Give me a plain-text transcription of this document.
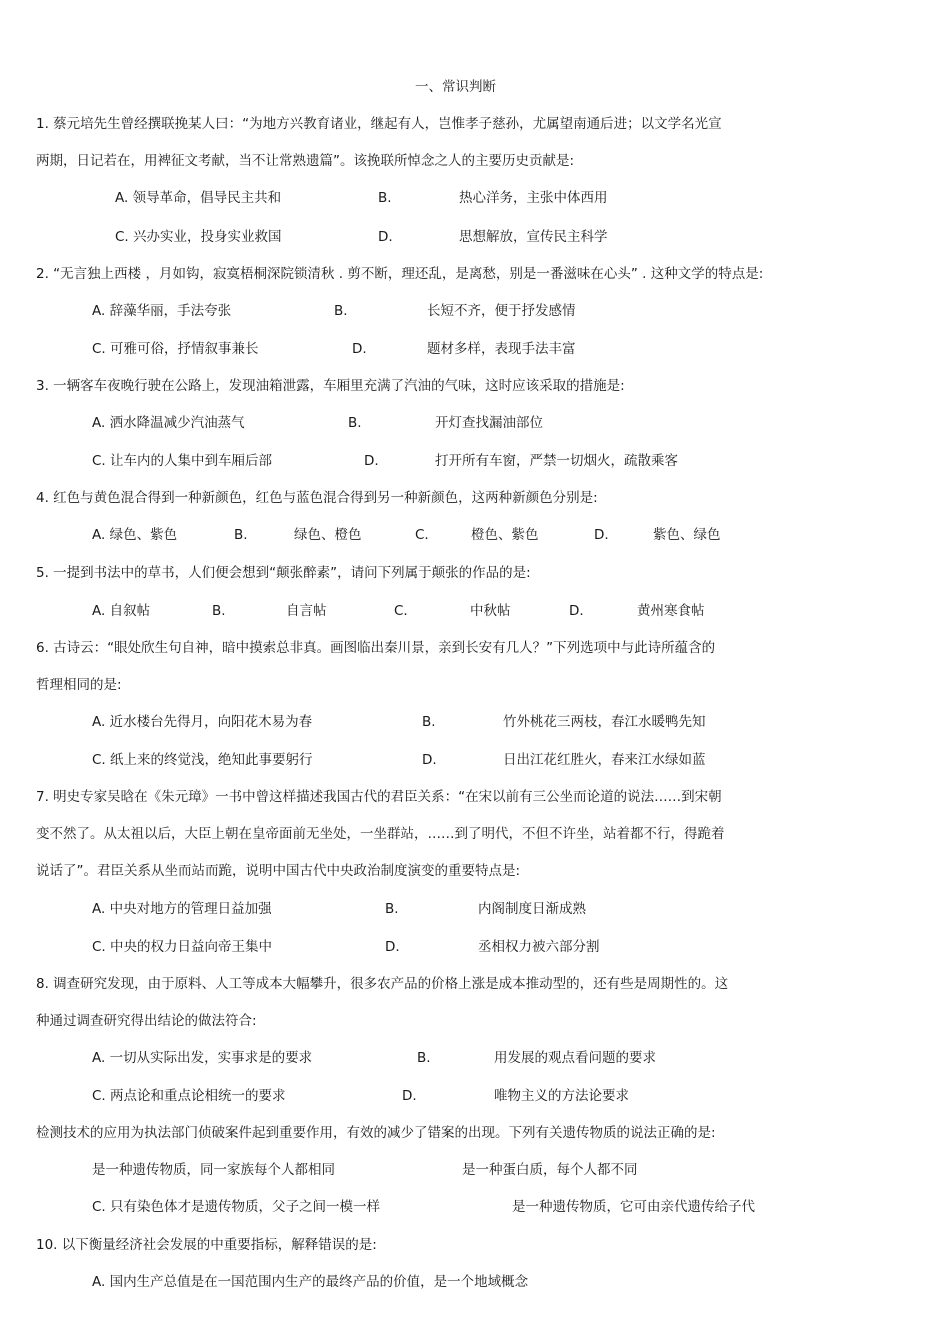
一、常识判断
1. 蔡元培先生曾经撰联挽某人曰：“为地方兴教育诸业，继起有人，岂惟孝子慈孙，尤属望南通后进；以文学名光宣
两期，日记若在，用裨征文考献，当不让常熟遗篇”。该挽联所悼念之人的主要历史贡献是:
A. 领导革命，倡导民主共和	B.	热心洋务，主张中体西用
C. 兴办实业，投身实业救国	D.	思想解放，宣传民主科学
2. “无言独上西楼 ，月如钩，寂寞梧桐深院锁清秋 . 剪不断，理还乱，是离愁，别是一番滋味在心头” . 这种文学的特点是:
A. 辞藻华丽，手法夸张	B.	长短不齐，便于抒发感情
C. 可雅可俗，抒情叙事兼长	D.	题材多样，表现手法丰富
3. 一辆客车夜晚行驶在公路上，发现油箱泄露，车厢里充满了汽油的气味，这时应该采取的措施是:
A. 洒水降温减少汽油蒸气	B.	开灯查找漏油部位
C. 让车内的人集中到车厢后部	D.	打开所有车窗，严禁一切烟火，疏散乘客
4. 红色与黄色混合得到一种新颜色，红色与蓝色混合得到另一种新颜色，这两种新颜色分别是:
A. 绿色、紫色	B.	绿色、橙色	C.	橙色、紫色	D.	紫色、绿色
5. 一提到书法中的草书，人们便会想到“颠张醉素”，请问下列属于颠张的作品的是:
A. 自叙帖	B.	自言帖	C.	中秋帖	D.	黄州寒食帖
6. 古诗云：“眼处欣生句自神，暗中摸索总非真。画图临出秦川景，亲到长安有几人？”下列选项中与此诗所蕴含的
哲理相同的是:
A. 近水楼台先得月，向阳花木易为春	B.	竹外桃花三两枝，春江水暖鸭先知
C. 纸上来的终觉浅，绝知此事要躬行	D.	日出江花红胜火，春来江水绿如蓝
7. 明史专家吴晗在《朱元璋》一书中曾这样描述我国古代的君臣关系：“在宋以前有三公坐而论道的说法……到宋朝
变不然了。从太祖以后，大臣上朝在皇帝面前无坐处，一坐群站，……到了明代，不但不许坐，站着都不行，得跪着
说话了”。君臣关系从坐而站而跪，说明中国古代中央政治制度演变的重要特点是:
A. 中央对地方的管理日益加强	B.	内阁制度日渐成熟
C. 中央的权力日益向帝王集中	D.	丞相权力被六部分割
8. 调查研究发现，由于原料、人工等成本大幅攀升，很多农产品的价格上涨是成本推动型的，还有些是周期性的。这
种通过调查研究得出结论的做法符合:
A. 一切从实际出发，实事求是的要求	B.	用发展的观点看问题的要求
C. 两点论和重点论相统一的要求	D.	唯物主义的方法论要求
检测技术的应用为执法部门侦破案件起到重要作用，有效的减少了错案的出现。下列有关遗传物质的说法正确的是:
是一种遗传物质，同一家族每个人都相同	是一种蛋白质，每个人都不同
C. 只有染色体才是遗传物质，父子之间一模一样	是一种遗传物质，它可由亲代遗传给子代
10. 以下衡量经济社会发展的中重要指标，解释错误的是:
A. 国内生产总值是在一国范围内生产的最终产品的价值，是一个地域概念
